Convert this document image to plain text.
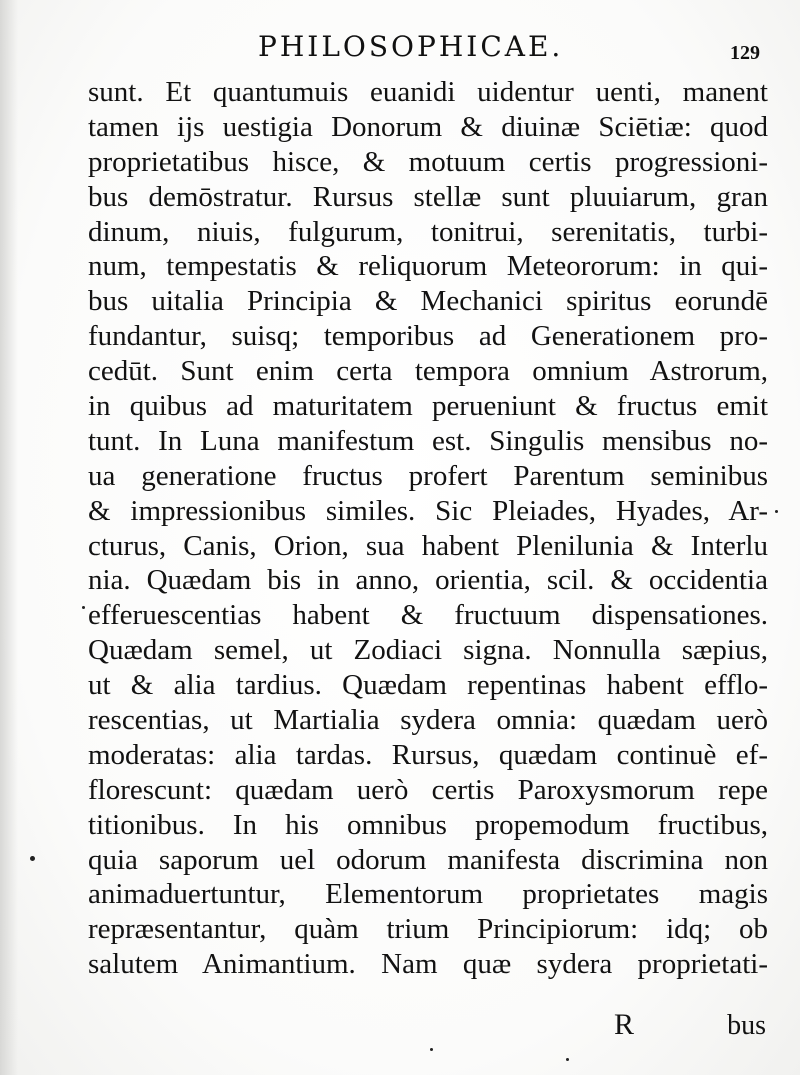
PHILOSOPHICAE.	129
sunt. Et quantumuis euanidi uidentur uenti, manent
tamen ijs uestigia Donorum & diuinæ Sciētiæ: quod
proprietatibus hisce, & motuum certis progressioni-
bus demōstratur. Rursus stellæ sunt pluuiarum, gran
dinum, niuis, fulgurum, tonitrui, serenitatis, turbi-
num, tempestatis & reliquorum Meteororum: in qui-
bus uitalia Principia & Mechanici spiritus eorundē
fundantur, suisq; temporibus ad Generationem pro-
cedūt. Sunt enim certa tempora omnium Astrorum,
in quibus ad maturitatem perueniunt & fructus emit
tunt. In Luna manifestum est. Singulis mensibus no-
ua generatione fructus profert Parentum seminibus
& impressionibus similes. Sic Pleiades, Hyades, Ar-
cturus, Canis, Orion, sua habent Plenilunia & Interlu
nia. Quædam bis in anno, orientia, scil. & occidentia
efferuescentias habent & fructuum dispensationes.
Quædam semel, ut Zodiaci signa. Nonnulla sæpius,
ut & alia tardius. Quædam repentinas habent efflo-
rescentias, ut Martialia sydera omnia: quædam uerò
moderatas: alia tardas. Rursus, quædam continuè ef-
florescunt: quædam uerò certis Paroxysmorum repe
titionibus. In his omnibus propemodum fructibus,
quia saporum uel odorum manifesta discrimina non
animaduertuntur, Elementorum proprietates magis
repræsentantur, quàm trium Principiorum: idq; ob
salutem Animantium. Nam quæ sydera proprietati-
R	bus
